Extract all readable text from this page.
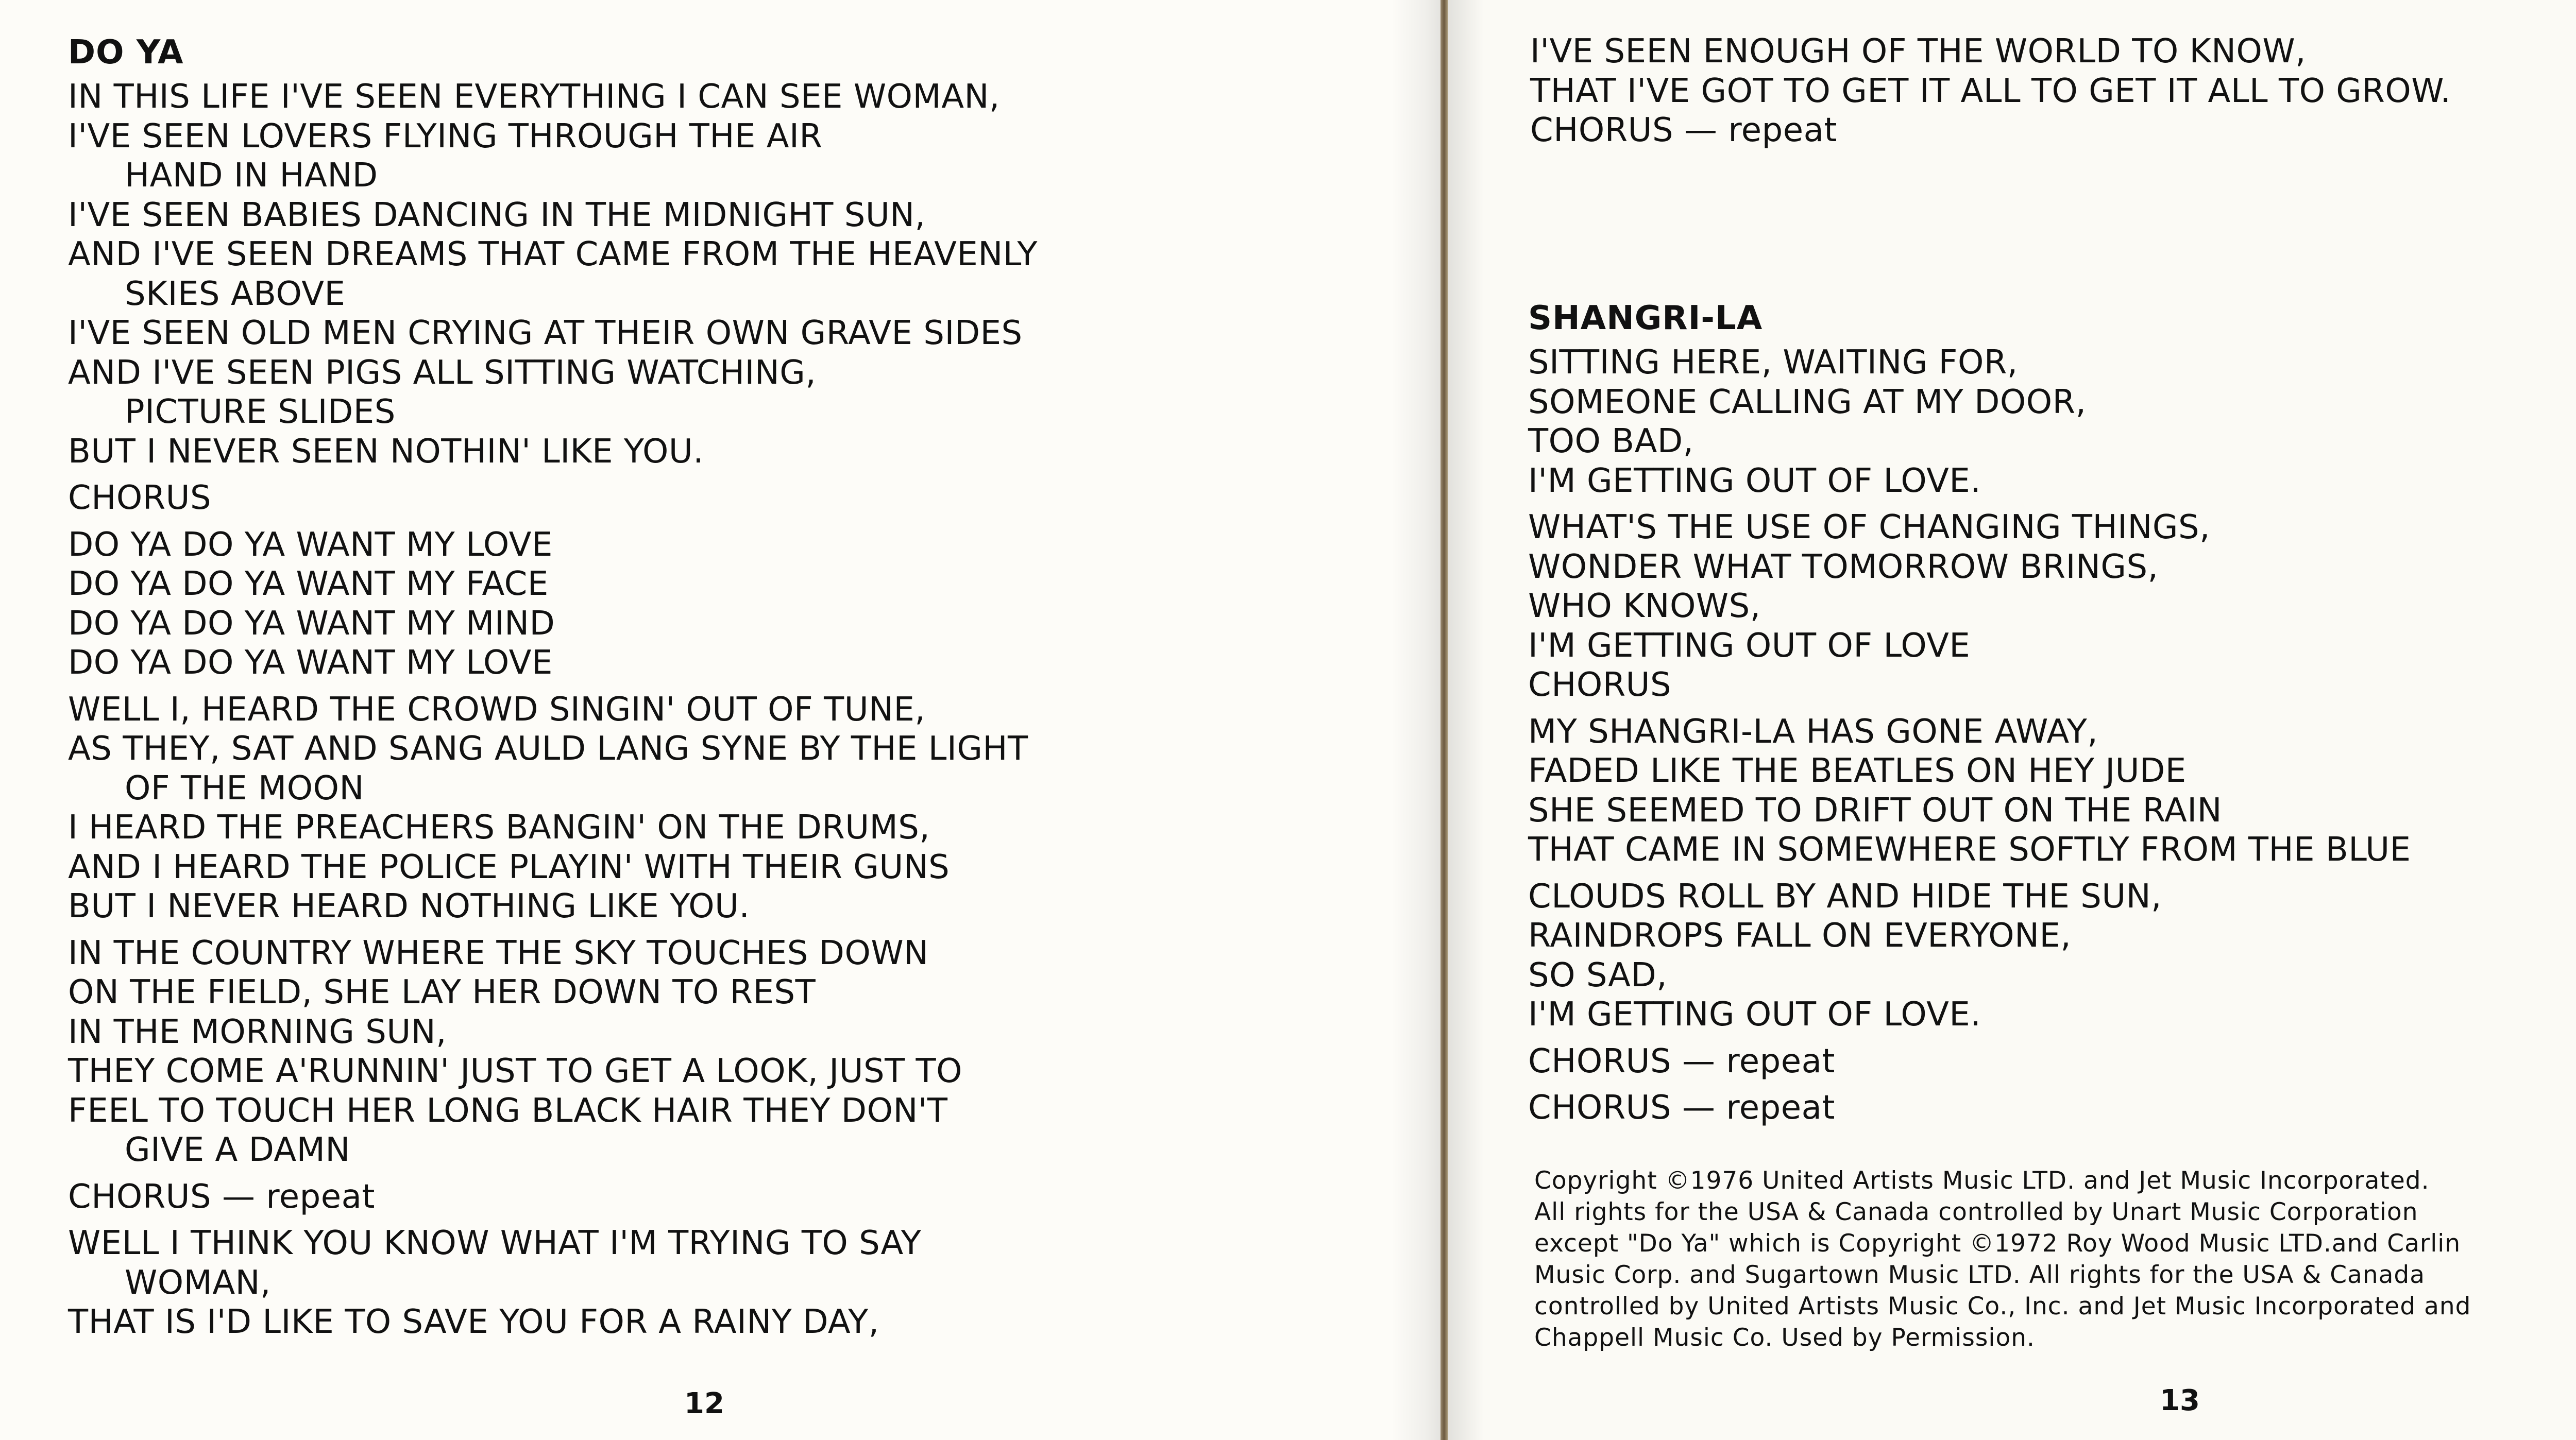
DO YA
IN THIS LIFE I'VE SEEN EVERYTHING I CAN SEE WOMAN,
I'VE SEEN LOVERS FLYING THROUGH THE AIR
HAND IN HAND
I'VE SEEN BABIES DANCING IN THE MIDNIGHT SUN,
AND I'VE SEEN DREAMS THAT CAME FROM THE HEAVENLY
SKIES ABOVE
I'VE SEEN OLD MEN CRYING AT THEIR OWN GRAVE SIDES
AND I'VE SEEN PIGS ALL SITTING WATCHING,
PICTURE SLIDES
BUT I NEVER SEEN NOTHIN' LIKE YOU.
CHORUS
DO YA DO YA WANT MY LOVE
DO YA DO YA WANT MY FACE
DO YA DO YA WANT MY MIND
DO YA DO YA WANT MY LOVE
WELL I, HEARD THE CROWD SINGIN' OUT OF TUNE,
AS THEY, SAT AND SANG AULD LANG SYNE BY THE LIGHT
OF THE MOON
I HEARD THE PREACHERS BANGIN' ON THE DRUMS,
AND I HEARD THE POLICE PLAYIN' WITH THEIR GUNS
BUT I NEVER HEARD NOTHING LIKE YOU.
IN THE COUNTRY WHERE THE SKY TOUCHES DOWN
ON THE FIELD, SHE LAY HER DOWN TO REST
IN THE MORNING SUN,
THEY COME A'RUNNIN' JUST TO GET A LOOK, JUST TO
FEEL TO TOUCH HER LONG BLACK HAIR THEY DON'T
GIVE A DAMN
CHORUS — repeat
WELL I THINK YOU KNOW WHAT I'M TRYING TO SAY
WOMAN,
THAT IS I'D LIKE TO SAVE YOU FOR A RAINY DAY,
12
I'VE SEEN ENOUGH OF THE WORLD TO KNOW,
THAT I'VE GOT TO GET IT ALL TO GET IT ALL TO GROW.
CHORUS — repeat
SHANGRI-LA
SITTING HERE, WAITING FOR,
SOMEONE CALLING AT MY DOOR,
TOO BAD,
I'M GETTING OUT OF LOVE.
WHAT'S THE USE OF CHANGING THINGS,
WONDER WHAT TOMORROW BRINGS,
WHO KNOWS,
I'M GETTING OUT OF LOVE
CHORUS
MY SHANGRI-LA HAS GONE AWAY,
FADED LIKE THE BEATLES ON HEY JUDE
SHE SEEMED TO DRIFT OUT ON THE RAIN
THAT CAME IN SOMEWHERE SOFTLY FROM THE BLUE
CLOUDS ROLL BY AND HIDE THE SUN,
RAINDROPS FALL ON EVERYONE,
SO SAD,
I'M GETTING OUT OF LOVE.
CHORUS — repeat
CHORUS — repeat
Copyright ©1976 United Artists Music LTD. and Jet Music Incorporated.
All rights for the USA & Canada controlled by Unart Music Corporation
except "Do Ya" which is Copyright ©1972 Roy Wood Music LTD.and Carlin
Music Corp. and Sugartown Music LTD. All rights for the USA & Canada
controlled by United Artists Music Co., Inc. and Jet Music Incorporated and
Chappell Music Co. Used by Permission.
13
